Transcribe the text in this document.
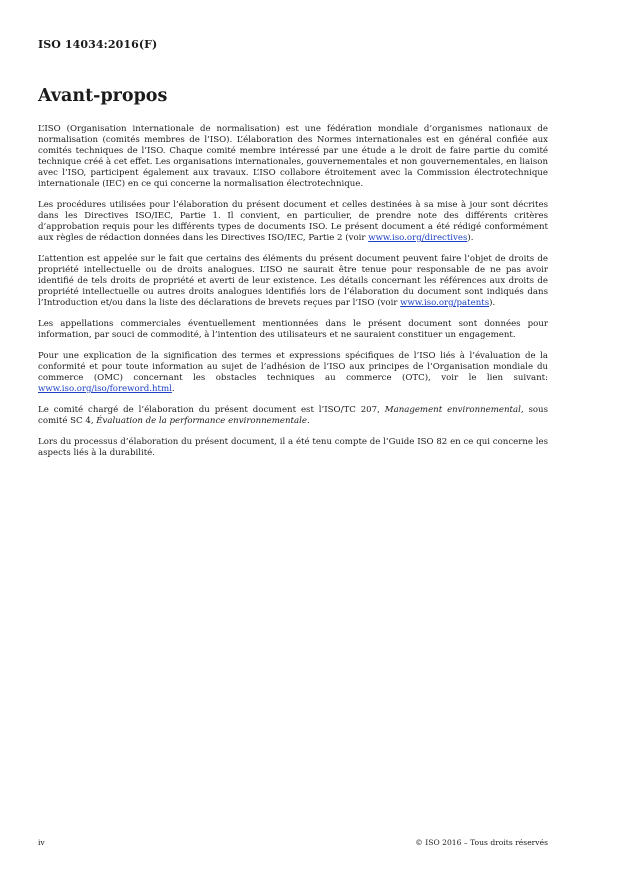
ISO 14034:2016(F)
Avant-propos

L’ISO (Organisation internationale de normalisation) est une fédération mondiale d’organismes nationaux de normalisation (comités membres de l’ISO). L’élaboration des Normes internationales est en général confiée aux comités techniques de l’ISO. Chaque comité membre intéressé par une étude a le droit de faire partie du comité technique créé à cet effet. Les organisations internationales, gouvernementales et non gouvernementales, en liaison avec l’ISO, participent également aux travaux. L’ISO collabore étroitement avec la Commission électrotechnique internationale (IEC) en ce qui concerne la normalisation électrotechnique.

Les procédures utilisées pour l’élaboration du présent document et celles destinées à sa mise à jour sont décrites dans les Directives ISO/IEC, Partie 1. Il convient, en particulier, de prendre note des différents critères d’approbation requis pour les différents types de documents ISO. Le présent document a été rédigé conformément aux règles de rédaction données dans les Directives ISO/IEC, Partie 2 (voir www.iso.org/directives).

L’attention est appelée sur le fait que certains des éléments du présent document peuvent faire l’objet de droits de propriété intellectuelle ou de droits analogues. L’ISO ne saurait être tenue pour responsable de ne pas avoir identifié de tels droits de propriété et averti de leur existence. Les détails concernant les références aux droits de propriété intellectuelle ou autres droits analogues identifiés lors de l’élaboration du document sont indiqués dans l’Introduction et/ou dans la liste des déclarations de brevets reçues par l’ISO (voir www.iso.org/patents).

Les appellations commerciales éventuellement mentionnées dans le présent document sont données pour information, par souci de commodité, à l’intention des utilisateurs et ne sauraient constituer un engagement.

Pour une explication de la signification des termes et expressions spécifiques de l’ISO liés à l’évaluation de la conformité et pour toute information au sujet de l’adhésion de l’ISO aux principes de l’Organisation mondiale du commerce (OMC) concernant les obstacles techniques au commerce (OTC), voir le lien suivant: www.iso.org/iso/foreword.html.

Le comité chargé de l’élaboration du présent document est l’ISO/TC 207, Management environnemental, sous comité SC 4, Évaluation de la performance environnementale.

Lors du processus d’élaboration du présent document, il a été tenu compte de l’Guide ISO 82 en ce qui concerne les aspects liés à la durabilité.

iv	© ISO 2016 – Tous droits réservés
